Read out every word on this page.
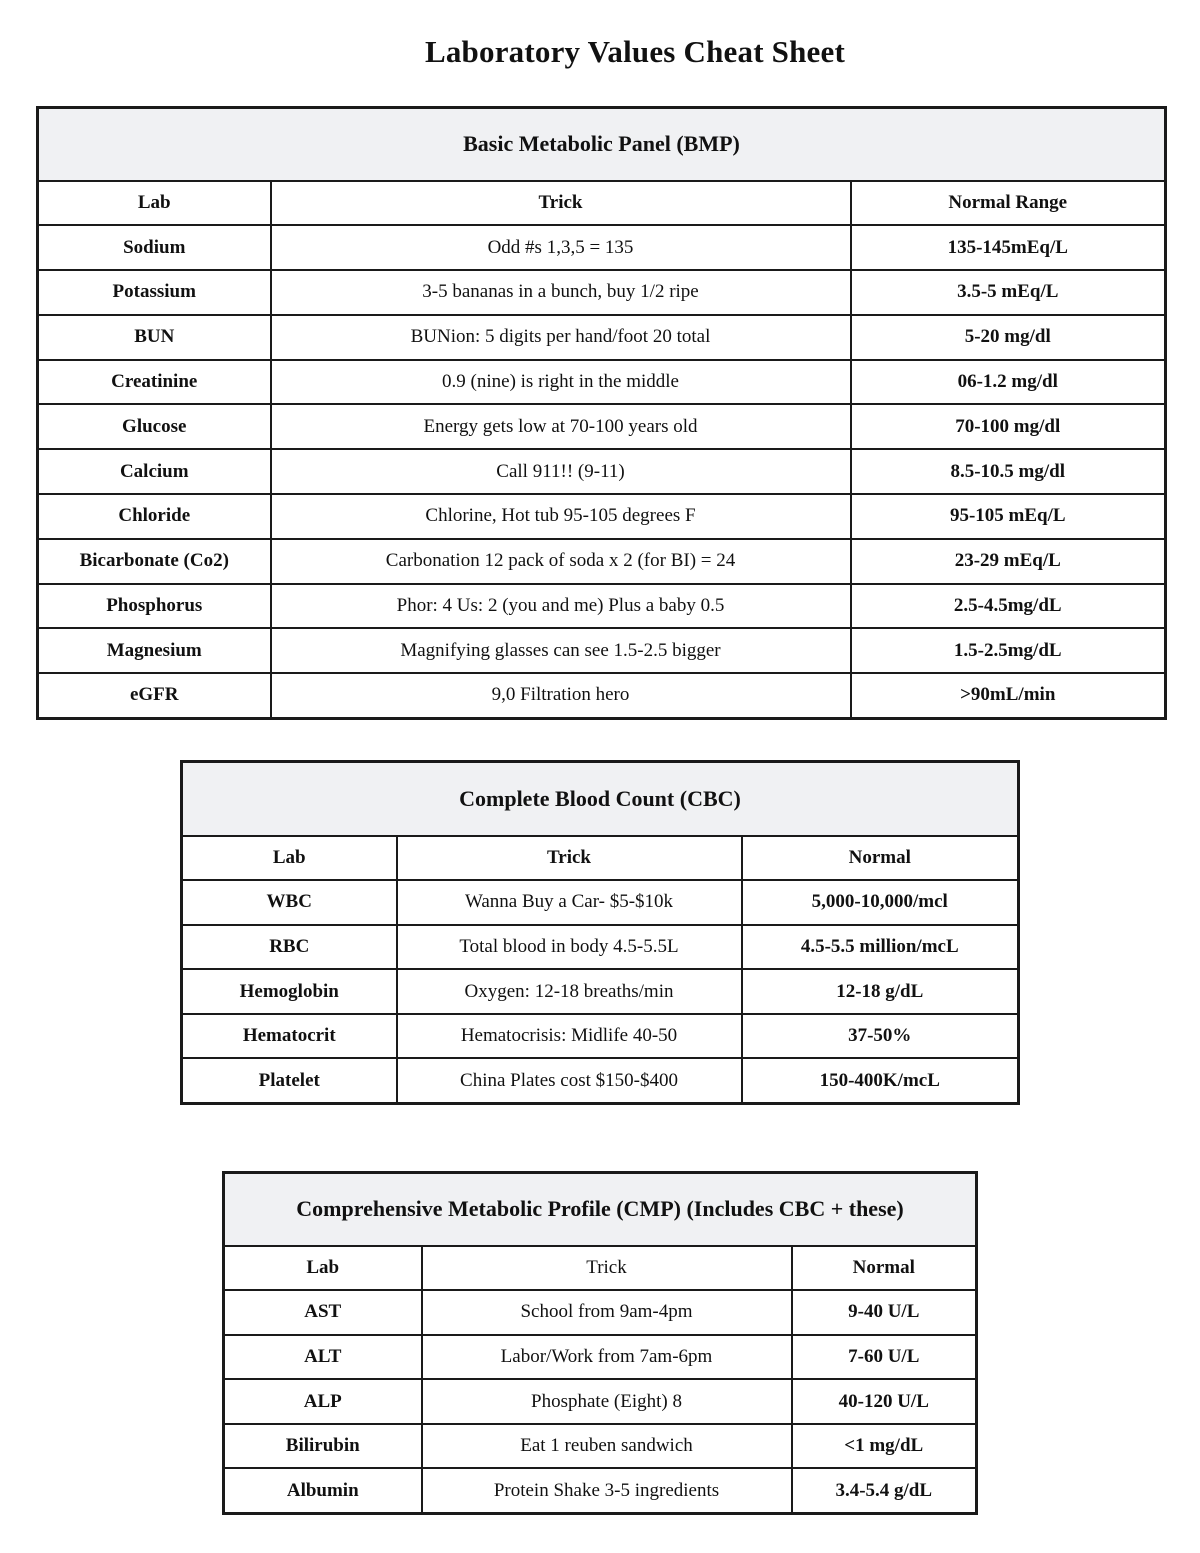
Laboratory Values Cheat Sheet
Basic Metabolic Panel (BMP)		
Lab	Trick	Normal Range
Sodium	Odd #s 1,3,5 = 135	135-145mEq/L
Potassium	3-5 bananas in a bunch, buy 1/2 ripe	3.5-5 mEq/L
BUN	BUNion: 5 digits per hand/foot 20 total	5-20 mg/dl
Creatinine	0.9 (nine) is right in the middle	06-1.2 mg/dl
Glucose	Energy gets low at 70-100 years old	70-100 mg/dl
Calcium	Call 911!! (9-11)	8.5-10.5 mg/dl
Chloride	Chlorine, Hot tub 95-105 degrees F	95-105 mEq/L
Bicarbonate (Co2)	Carbonation 12 pack of soda x 2 (for BI) = 24	23-29 mEq/L
Phosphorus	Phor: 4 Us: 2 (you and me) Plus a baby 0.5	2.5-4.5mg/dL
Magnesium	Magnifying glasses can see 1.5-2.5 bigger	1.5-2.5mg/dL
eGFR	9,0 Filtration hero	>90mL/min
Complete Blood Count (CBC)		
Lab	Trick	Normal
WBC	Wanna Buy a Car- $5-$10k	5,000-10,000/mcl
RBC	Total blood in body 4.5-5.5L	4.5-5.5 million/mcL
Hemoglobin	Oxygen: 12-18 breaths/min	12-18 g/dL
Hematocrit	Hematocrisis: Midlife 40-50	37-50%
Platelet	China Plates cost $150-$400	150-400K/mcL
Comprehensive Metabolic Profile (CMP) (Includes CBC + these)		
Lab	Trick	Normal
AST	School from 9am-4pm	9-40 U/L
ALT	Labor/Work from 7am-6pm	7-60 U/L
ALP	Phosphate (Eight) 8	40-120 U/L
Bilirubin	Eat 1 reuben sandwich	<1 mg/dL
Albumin	Protein Shake 3-5 ingredients	3.4-5.4 g/dL
